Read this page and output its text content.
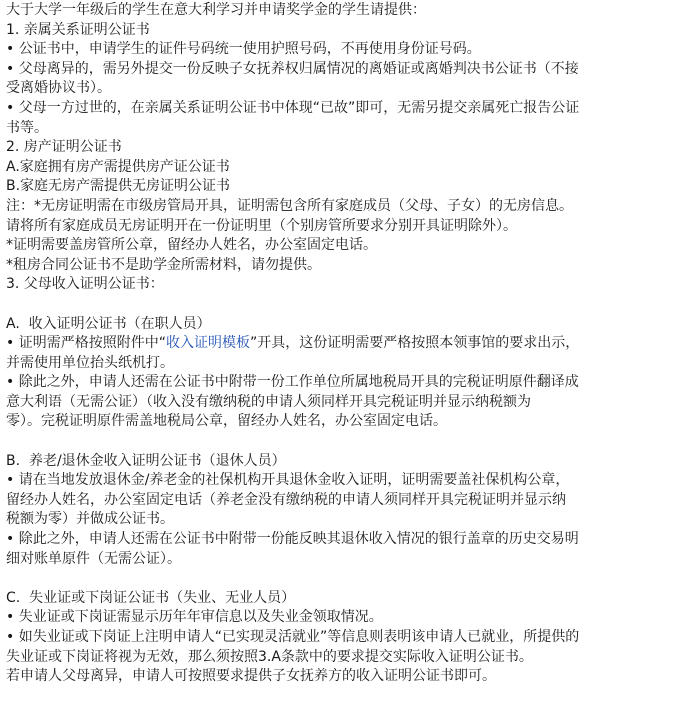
大于大学一年级后的学生在意大利学习并申请奖学金的学生请提供：
1. 亲属关系证明公证书
• 公证书中，申请学生的证件号码统一使用护照号码，不再使用身份证号码。
• 父母离异的，需另外提交一份反映子女抚养权归属情况的离婚证或离婚判决书公证书（不接
受离婚协议书）。
• 父母一方过世的，在亲属关系证明公证书中体现“已故”即可，无需另提交亲属死亡报告公证
书等。
2. 房产证明公证书
A.家庭拥有房产需提供房产证公证书
B.家庭无房产需提供无房证明公证书
注：*无房证明需在市级房管局开具，证明需包含所有家庭成员（父母、子女）的无房信息。
请将所有家庭成员无房证明开在一份证明里（个别房管所要求分别开具证明除外）。
*证明需要盖房管所公章，留经办人姓名，办公室固定电话。
*租房合同公证书不是助学金所需材料，请勿提供。
3. 父母收入证明公证书：
A.  收入证明公证书（在职人员）
• 证明需严格按照附件中“收入证明模板”开具，这份证明需要严格按照本领事馆的要求出示，
并需使用单位抬头纸机打。
• 除此之外，申请人还需在公证书中附带一份工作单位所属地税局开具的完税证明原件翻译成
意大利语（无需公证）（收入没有缴纳税的申请人须同样开具完税证明并显示纳税额为
零）。完税证明原件需盖地税局公章，留经办人姓名，办公室固定电话。
B.  养老/退休金收入证明公证书（退休人员）
• 请在当地发放退休金/养老金的社保机构开具退休金收入证明，证明需要盖社保机构公章，
留经办人姓名，办公室固定电话（养老金没有缴纳税的申请人须同样开具完税证明并显示纳
税额为零）并做成公证书。
• 除此之外，申请人还需在公证书中附带一份能反映其退休收入情况的银行盖章的历史交易明
细对账单原件（无需公证）。
C.  失业证或下岗证公证书（失业、无业人员）
• 失业证或下岗证需显示历年年审信息以及失业金领取情况。
• 如失业证或下岗证上注明申请人“已实现灵活就业”等信息则表明该申请人已就业，所提供的
失业证或下岗证将视为无效，那么须按照3.A条款中的要求提交实际收入证明公证书。
若申请人父母离异，申请人可按照要求提供子女抚养方的收入证明公证书即可。
